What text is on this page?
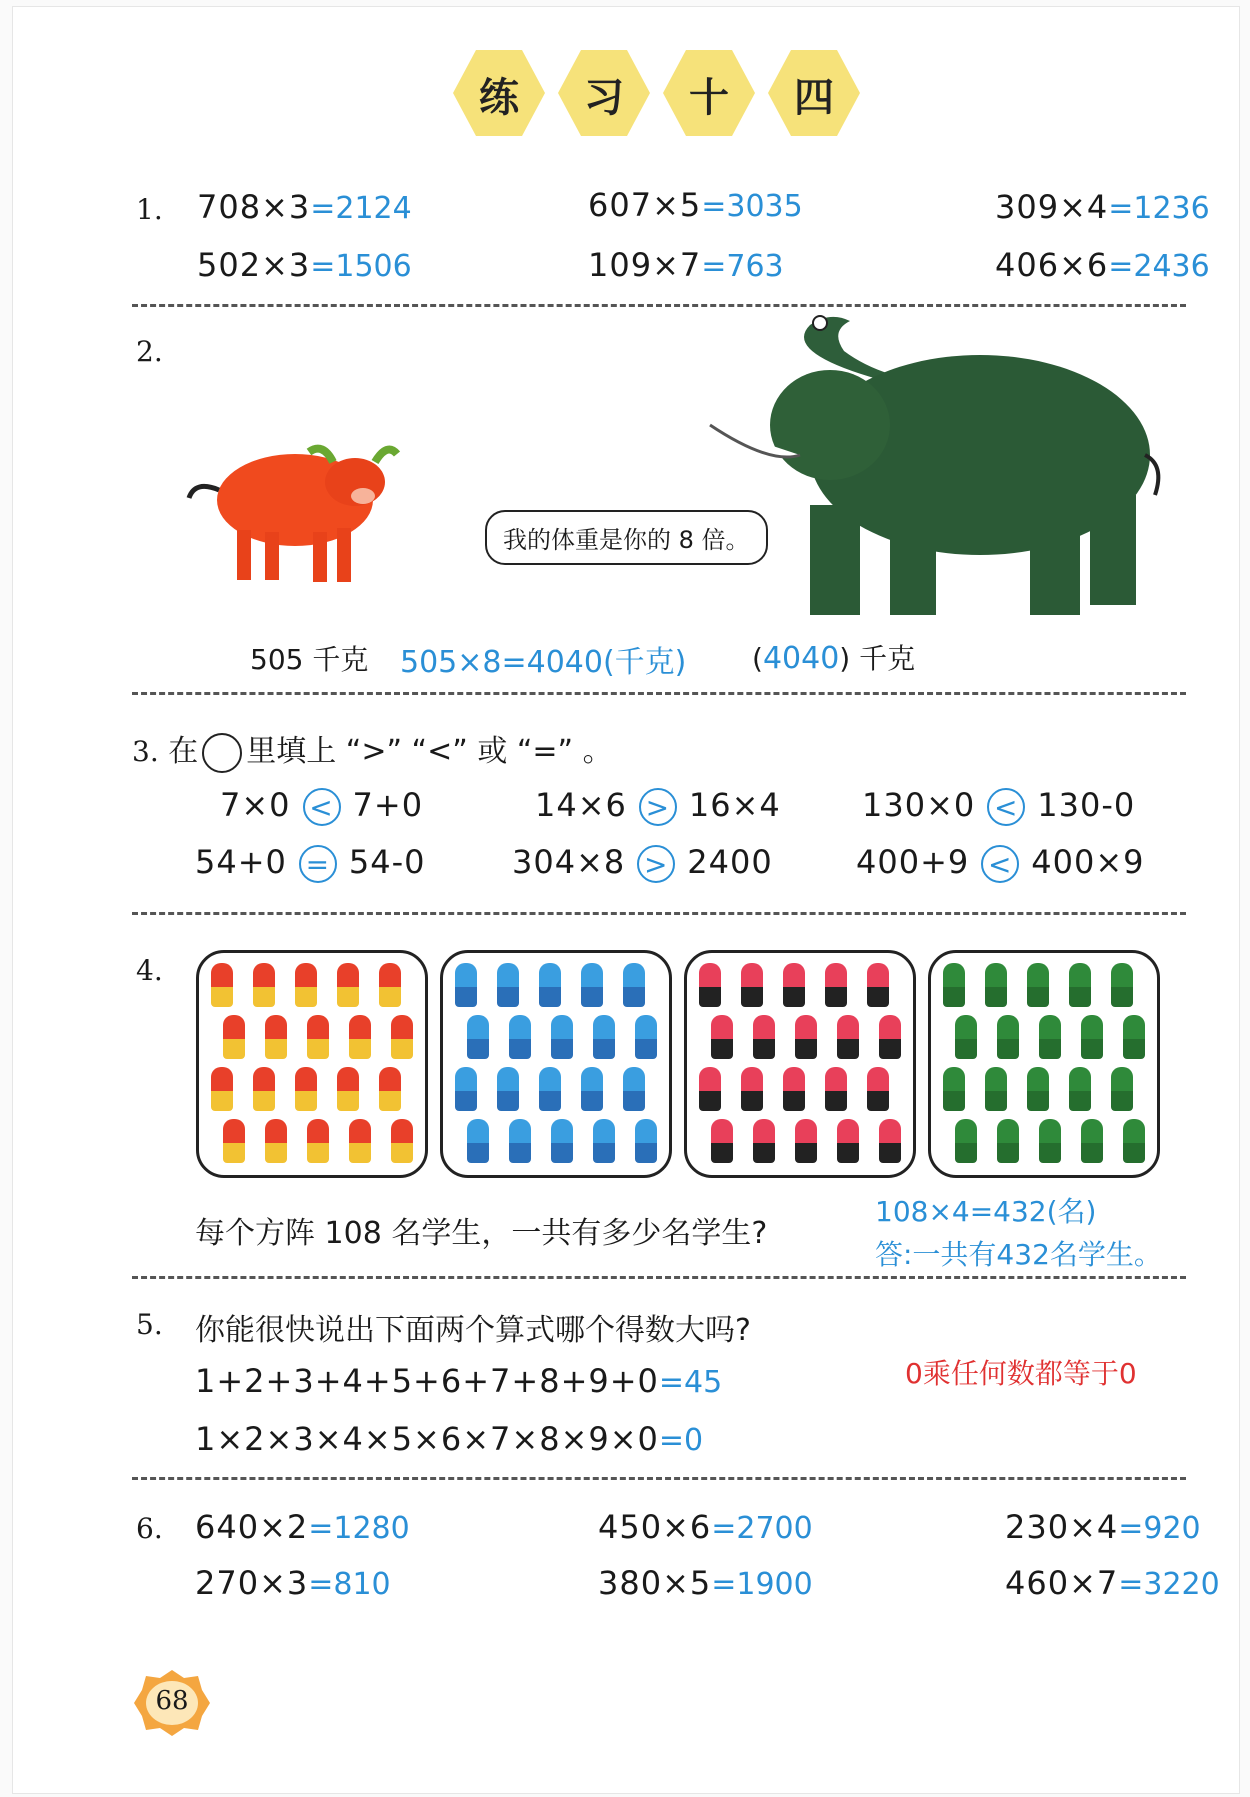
练	习	十	四
1. 708×3=2124	607×5=3035	309×4=1236
502×3=1506	109×7=763	406×6=2436
2.
我的体重是你的 8 倍。
505 千克 505×8=4040(千克) (4040) 千克
3. 在 里填上 “>” “<” 或 “=” 。
7×0 < 7+0	14×6 > 16×4	130×0 < 130-0
54+0 = 54-0	304×8 > 2400	400+9 < 400×9
4.
每个方阵 108 名学生，一共有多少名学生?
108×4=432(名)
答:一共有432名学生。
5. 你能很快说出下面两个算式哪个得数大吗?
1+2+3+4+5+6+7+8+9+0=45	0乘任何数都等于0
1×2×3×4×5×6×7×8×9×0=0
6. 640×2=1280	450×6=2700	230×4=920
270×3=810	380×5=1900	460×7=3220
68
